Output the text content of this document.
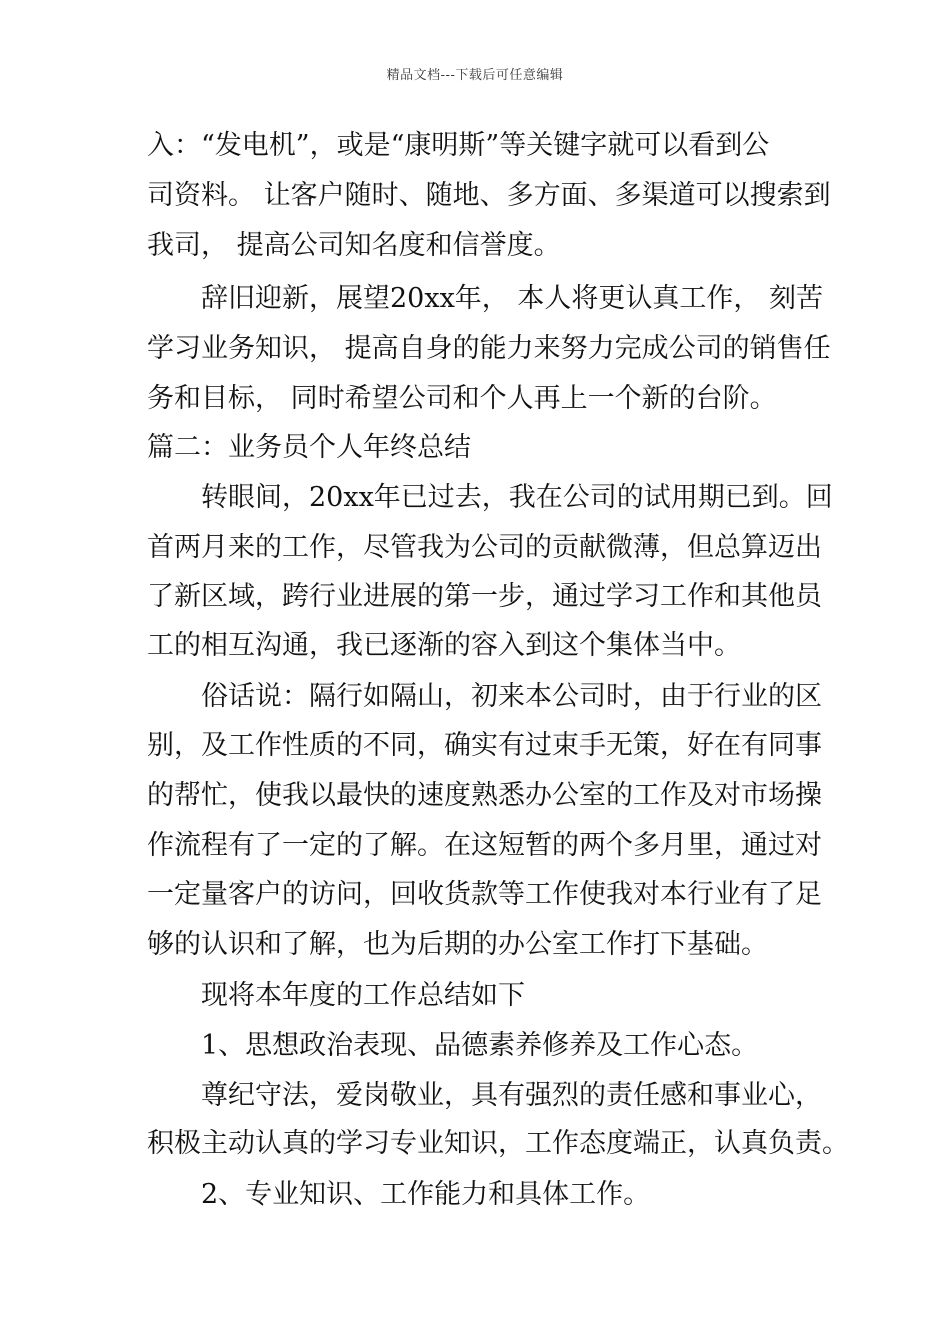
精品文档---下载后可任意编辑
入：“发电机”，或是“康明斯”等关键字就可以看到公
司资料。 让客户随时、随地、多方面、多渠道可以搜索到
我司， 提高公司知名度和信誉度。
辞旧迎新，展望20xx年， 本人将更认真工作， 刻苦
学习业务知识， 提高自身的能力来努力完成公司的销售任
务和目标， 同时希望公司和个人再上一个新的台阶。
篇二：业务员个人年终总结
转眼间，20xx年已过去，我在公司的试用期已到。回
首两月来的工作，尽管我为公司的贡献微薄，但总算迈出
了新区域，跨行业进展的第一步，通过学习工作和其他员
工的相互沟通，我已逐渐的容入到这个集体当中。
俗话说：隔行如隔山，初来本公司时，由于行业的区
别，及工作性质的不同，确实有过束手无策，好在有同事
的帮忙，使我以最快的速度熟悉办公室的工作及对市场操
作流程有了一定的了解。在这短暂的两个多月里，通过对
一定量客户的访问，回收货款等工作使我对本行业有了足
够的认识和了解，也为后期的办公室工作打下基础。
现将本年度的工作总结如下
1、思想政治表现、品德素养修养及工作心态。
尊纪守法，爱岗敬业，具有强烈的责任感和事业心，
积极主动认真的学习专业知识，工作态度端正，认真负责。
2、专业知识、工作能力和具体工作。
